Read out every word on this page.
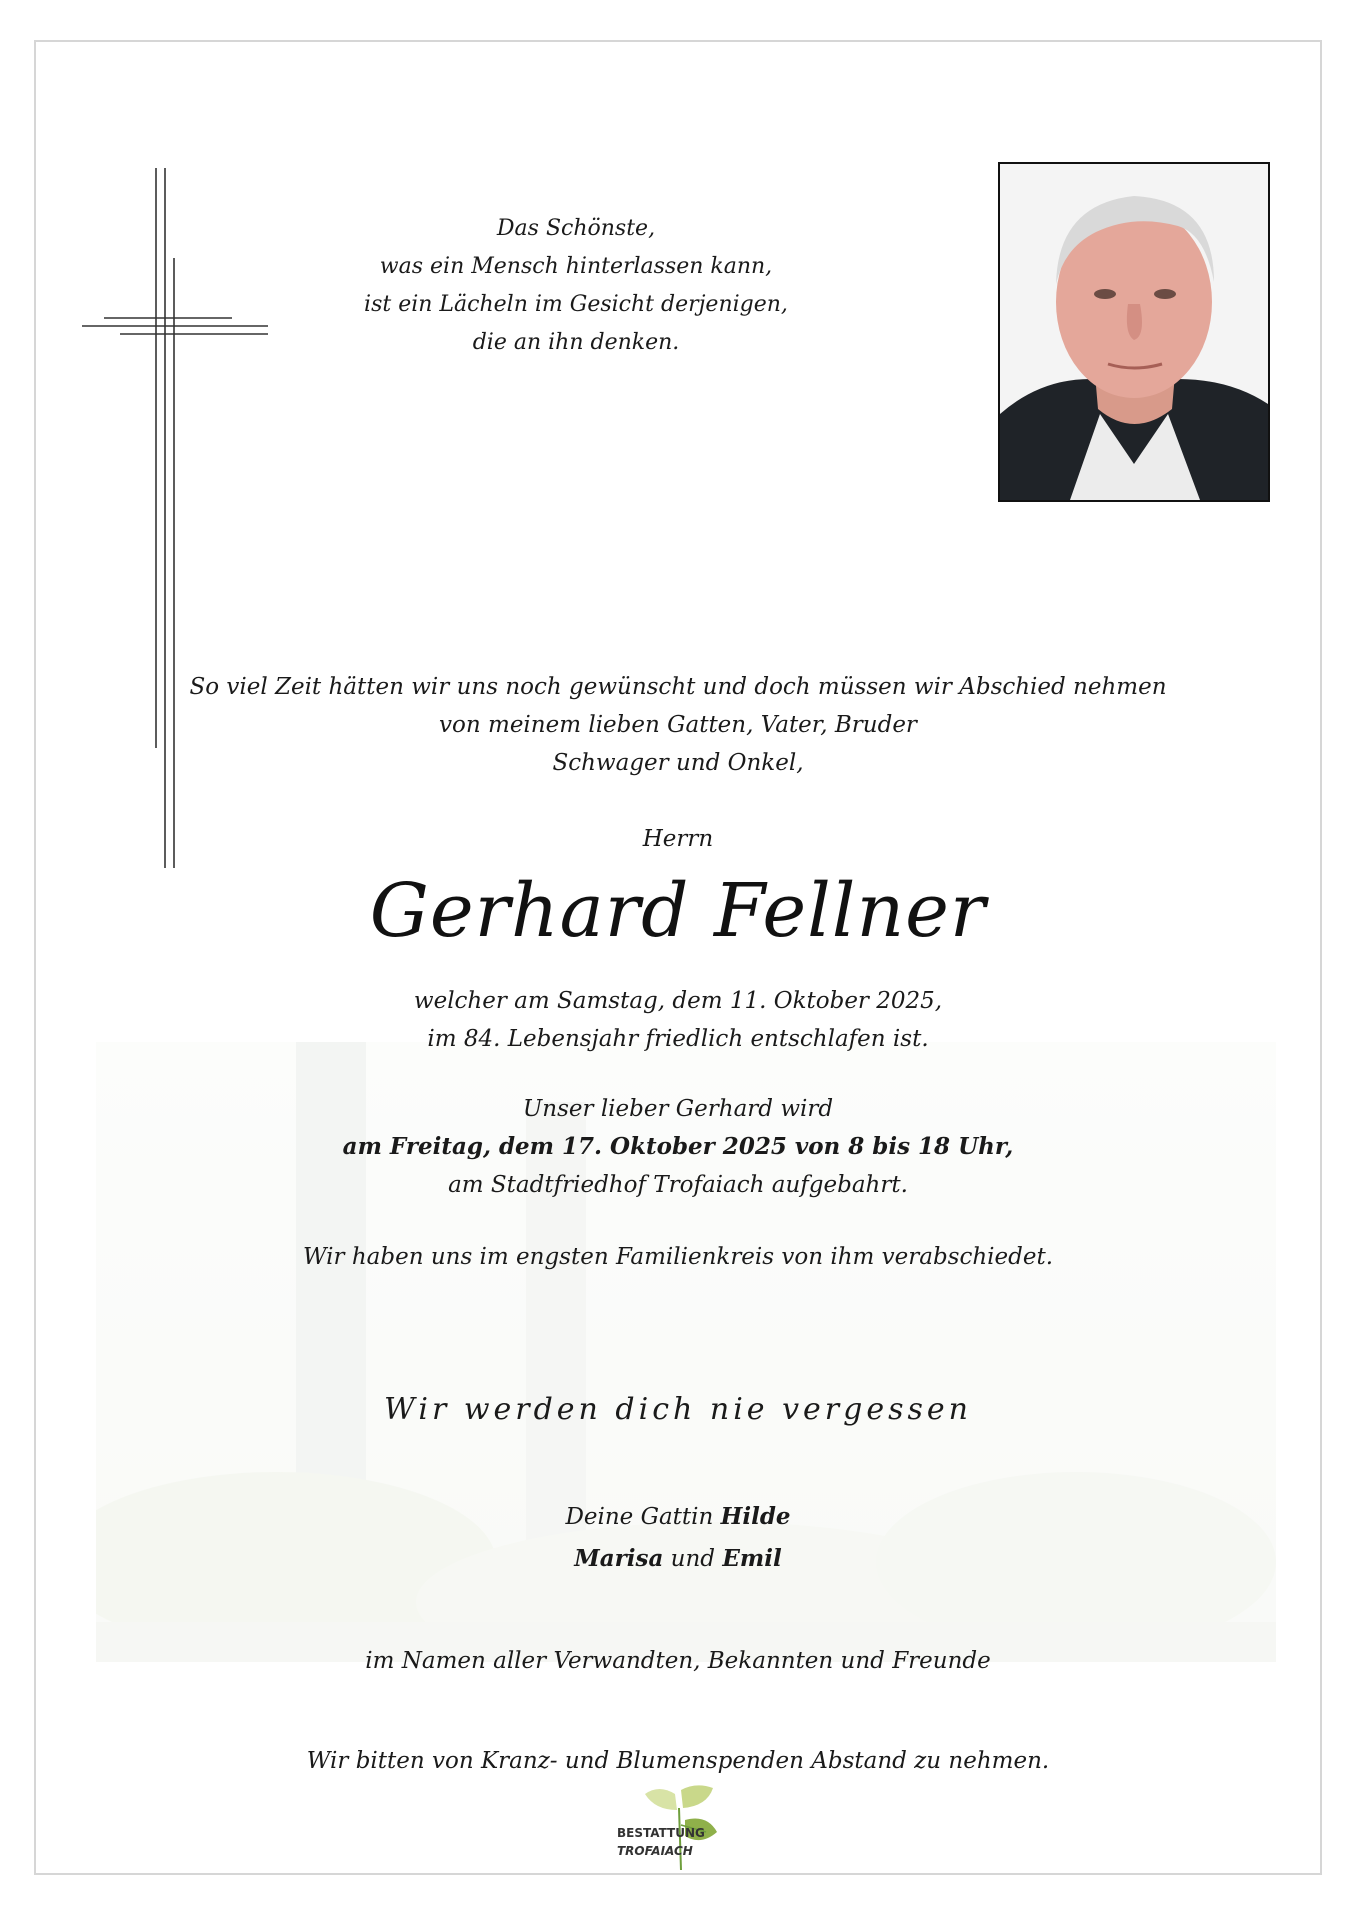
Das Schönste,

was ein Mensch hinterlassen kann,

ist ein Lächeln im Gesicht derjenigen,

die an ihn denken.

So viel Zeit hätten wir uns noch gewünscht und doch müssen wir Abschied nehmen

von meinem lieben Gatten, Vater, Bruder

Schwager und Onkel,

Herrn

Gerhard Fellner

welcher am Samstag, dem 11. Oktober 2025,

im 84. Lebensjahr friedlich entschlafen ist.

Unser lieber Gerhard wird

am Freitag, dem 17. Oktober 2025 von 8 bis 18 Uhr,

am Stadtfriedhof Trofaiach aufgebahrt.

Wir haben uns im engsten Familienkreis von ihm verabschiedet.

Wir werden dich nie vergessen

Deine Gattin Hilde

Marisa und Emil

im Namen aller Verwandten, Bekannten und Freunde

Wir bitten von Kranz- und Blumenspenden Abstand zu nehmen.

BESTATTUNG

TROFAIACH
